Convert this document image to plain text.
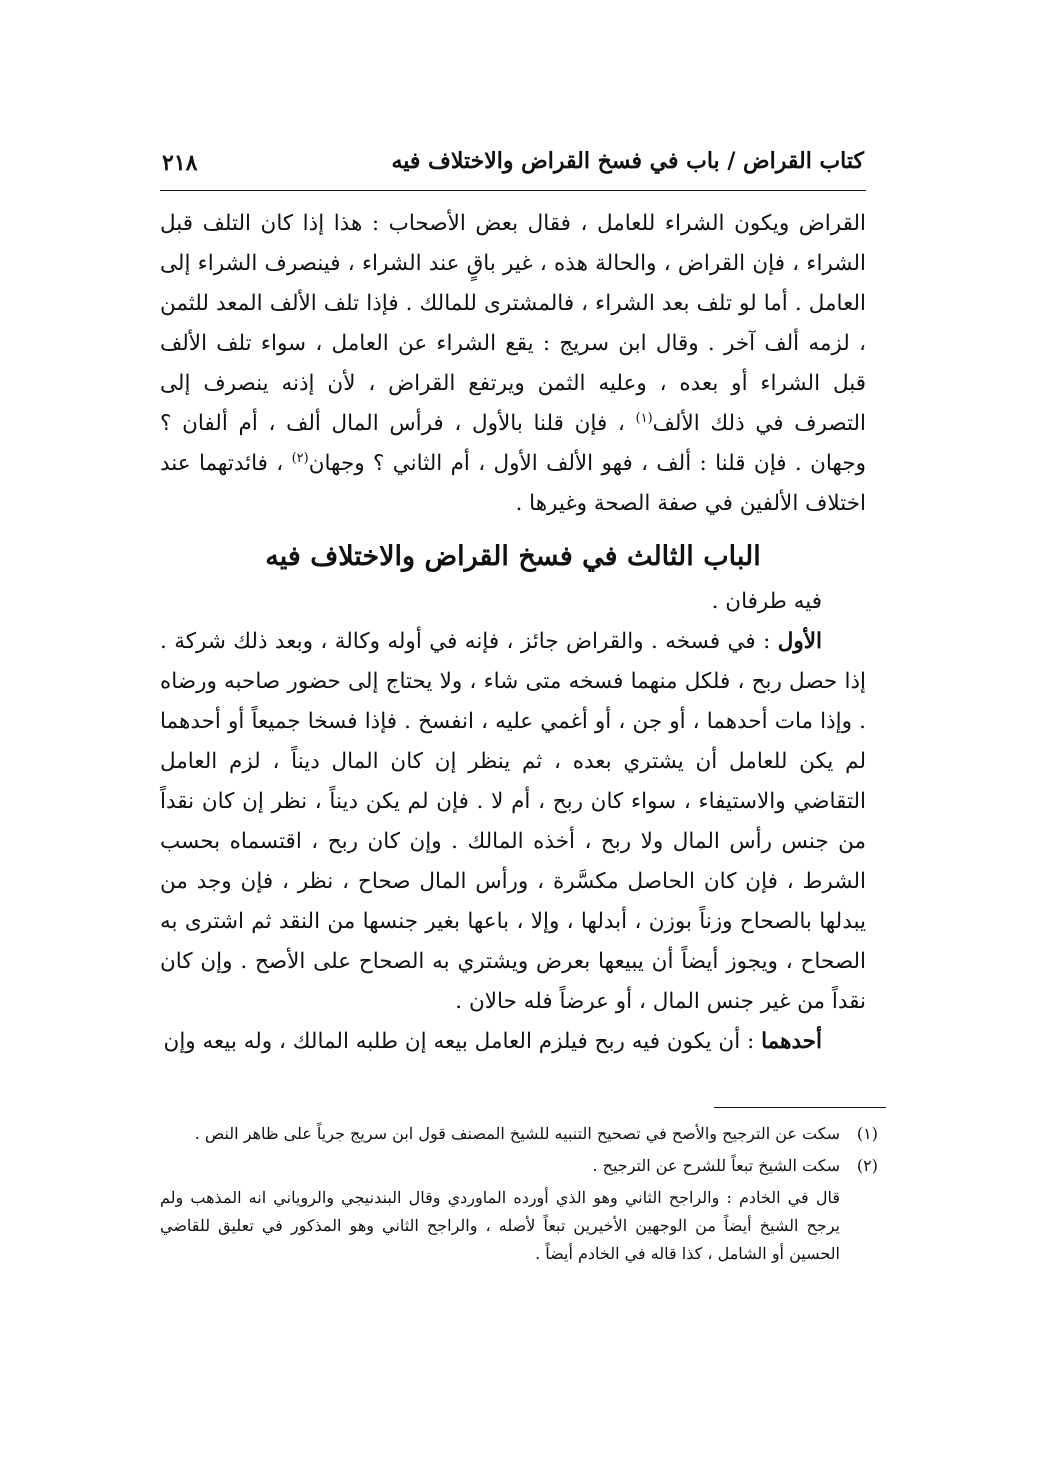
كتاب القراض / باب في فسخ القراض والاختلاف فيه
٢١٨

القراض ويكون الشراء للعامل ، فقال بعض الأصحاب : هذا إذا كان التلف قبل الشراء ، فإن القراض ، والحالة هذه ، غير باقٍ عند الشراء ، فينصرف الشراء إلى العامل . أما لو تلف بعد الشراء ، فالمشترى للمالك . فإذا تلف الألف المعد للثمن ، لزمه ألف آخر . وقال ابن سريج : يقع الشراء عن العامل ، سواء تلف الألف قبل الشراء أو بعده ، وعليه الثمن ويرتفع القراض ، لأن إذنه ينصرف إلى التصرف في ذلك الألف$^{(١)}$ ، فإن قلنا بالأول ، فرأس المال ألف ، أم ألفان ؟ وجهان . فإن قلنا : ألف ، فهو الألف الأول ، أم الثاني ؟ وجهان$^{(٢)}$ ، فائدتهما عند اختلاف الألفين في صفة الصحة وغيرها .

الباب الثالث في فسخ القراض والاختلاف فيه

فيه طرفان .

الأول : في فسخه . والقراض جائز ، فإنه في أوله وكالة ، وبعد ذلك شركة . إذا حصل ربح ، فلكل منهما فسخه متى شاء ، ولا يحتاج إلى حضور صاحبه ورضاه . وإذا مات أحدهما ، أو جن ، أو أغمي عليه ، انفسخ . فإذا فسخا جميعاً أو أحدهما لم يكن للعامل أن يشتري بعده ، ثم ينظر إن كان المال ديناً ، لزم العامل التقاضي والاستيفاء ، سواء كان ربح ، أم لا . فإن لم يكن ديناً ، نظر إن كان نقداً من جنس رأس المال ولا ربح ، أخذه المالك . وإن كان ربح ، اقتسماه بحسب الشرط ، فإن كان الحاصل مكسَّرة ، ورأس المال صحاح ، نظر ، فإن وجد من يبدلها بالصحاح وزناً بوزن ، أبدلها ، وإلا ، باعها بغير جنسها من النقد ثم اشترى به الصحاح ، ويجوز أيضاً أن يبيعها بعرض ويشتري به الصحاح على الأصح . وإن كان نقداً من غير جنس المال ، أو عرضاً فله حالان .

أحدهما : أن يكون فيه ربح فيلزم العامل بيعه إن طلبه المالك ، وله بيعه وإن

(١)
سكت عن الترجيح والأصح في تصحيح التنبيه للشيخ المصنف قول ابن سريج جرياً على ظاهر النص .
(٢)
سكت الشيخ تبعاً للشرح عن الترجيح .

قال في الخادم : والراجح الثاني وهو الذي أورده الماوردي وقال البندنيجي والروياني انه المذهب ولم يرجح الشيخ أيضاً من الوجهين الأخيرين تبعاً لأصله ، والراجح الثاني وهو المذكور في تعليق للقاضي الحسين أو الشامل ، كذا قاله في الخادم أيضاً .
